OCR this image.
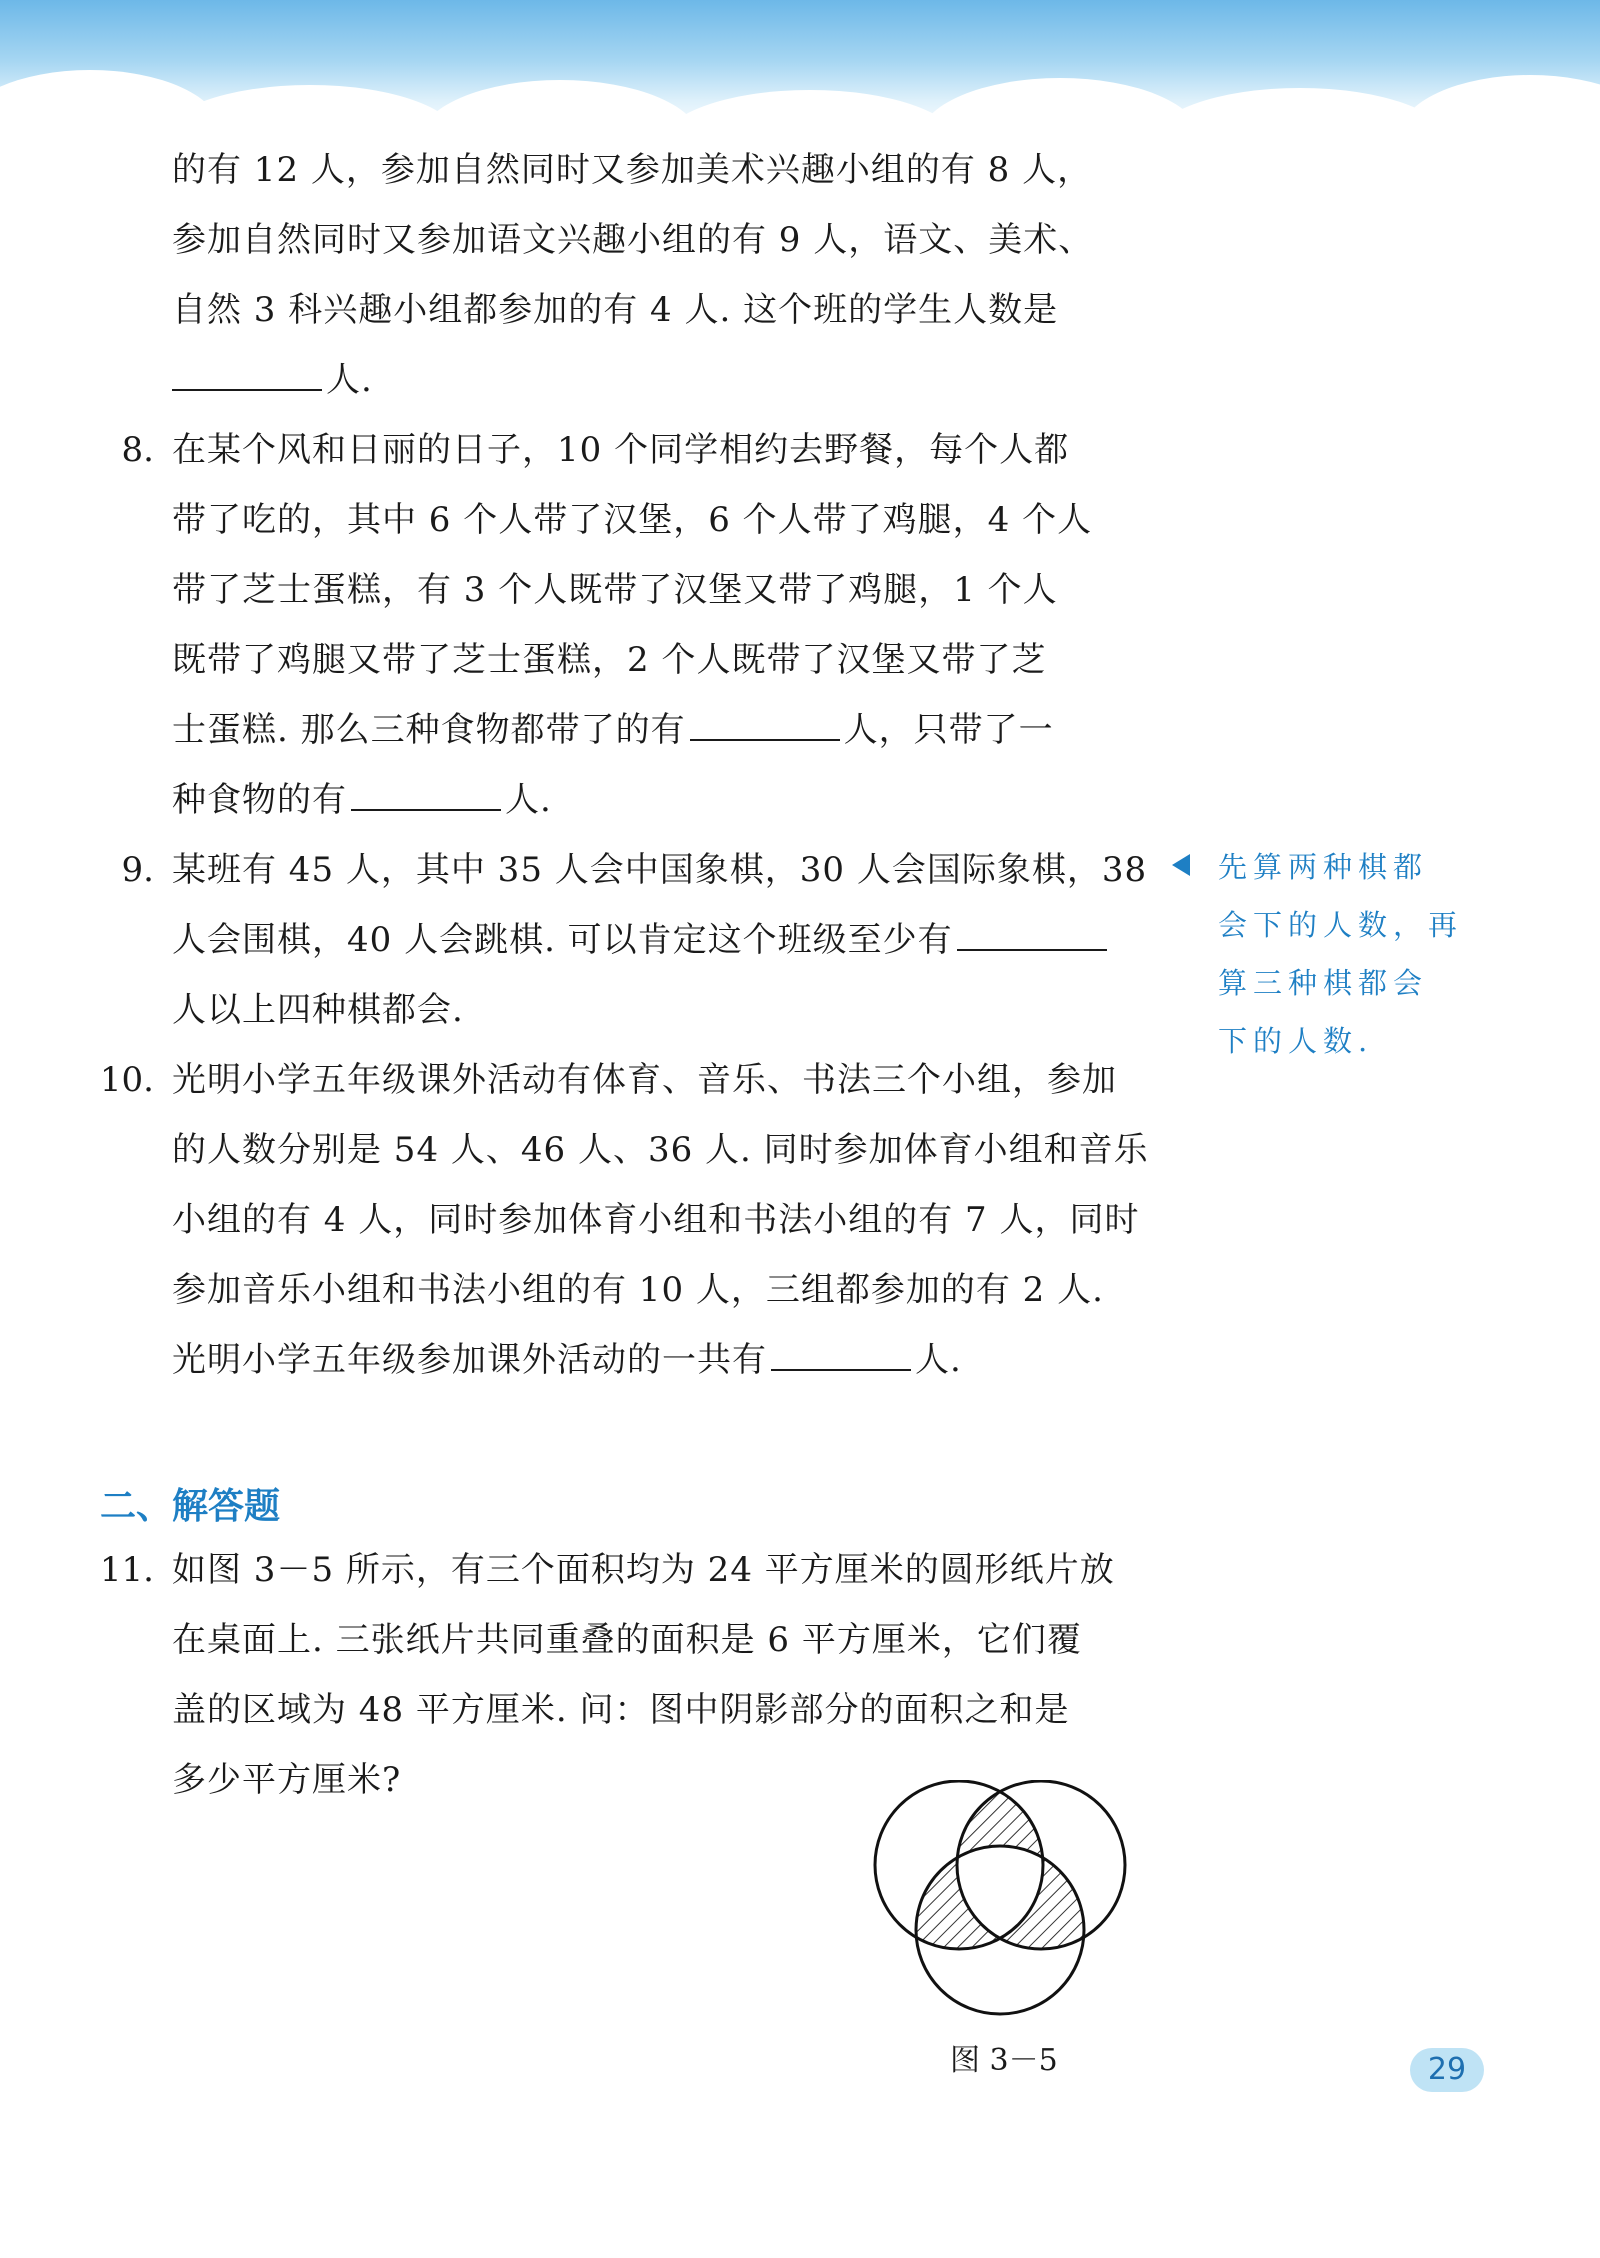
的有 12 人，参加自然同时又参加美术兴趣小组的有 8 人，
参加自然同时又参加语文兴趣小组的有 9 人，语文、美术、
自然 3 科兴趣小组都参加的有 4 人. 这个班的学生人数是
人.
8. 在某个风和日丽的日子，10 个同学相约去野餐，每个人都
带了吃的，其中 6 个人带了汉堡，6 个人带了鸡腿，4 个人
带了芝士蛋糕，有 3 个人既带了汉堡又带了鸡腿，1 个人
既带了鸡腿又带了芝士蛋糕，2 个人既带了汉堡又带了芝
士蛋糕. 那么三种食物都带了的有	人，只带了一
种食物的有	人.
9. 某班有 45 人，其中 35 人会中国象棋，30 人会国际象棋，38
人会围棋，40 人会跳棋. 可以肯定这个班级至少有
人以上四种棋都会.
先算两种棋都
会下的人数，再
算三种棋都会
下的人数.
10. 光明小学五年级课外活动有体育、音乐、书法三个小组，参加
的人数分别是 54 人、46 人、36 人. 同时参加体育小组和音乐
小组的有 4 人，同时参加体育小组和书法小组的有 7 人，同时
参加音乐小组和书法小组的有 10 人，三组都参加的有 2 人.
光明小学五年级参加课外活动的一共有	人.
二、解答题
11. 如图 3－5 所示，有三个面积均为 24 平方厘米的圆形纸片放
在桌面上. 三张纸片共同重叠的面积是 6 平方厘米，它们覆
盖的区域为 48 平方厘米. 问：图中阴影部分的面积之和是
多少平方厘米?
图 3－5	29
